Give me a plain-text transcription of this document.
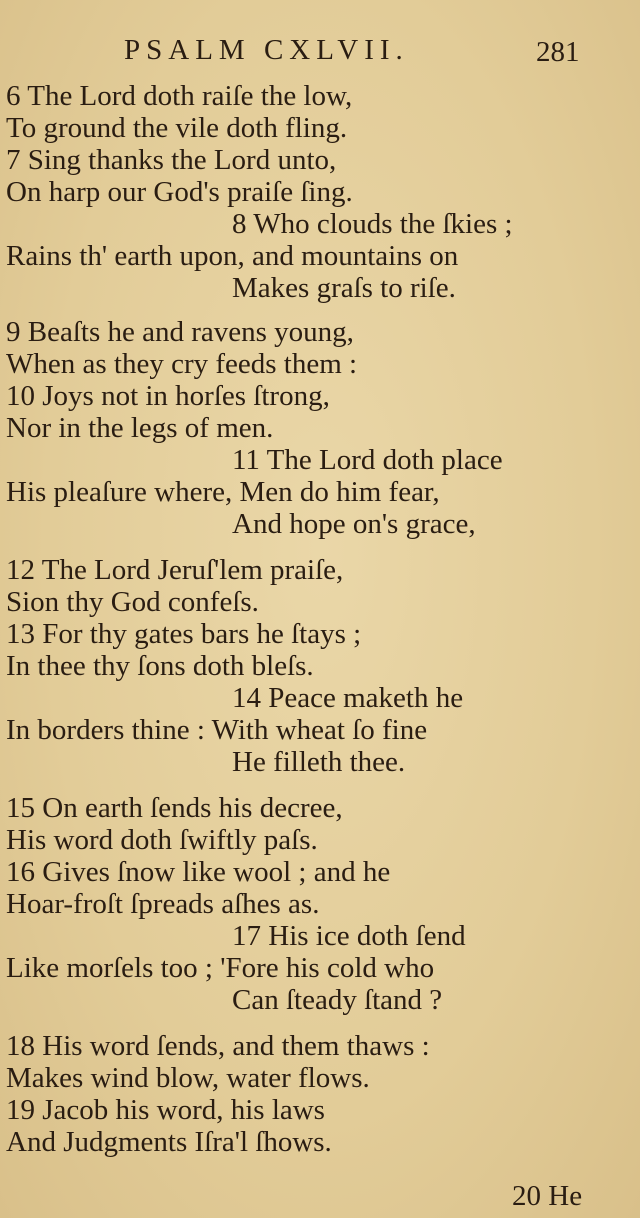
PSALM CXLVII.	281
6 The Lord doth raiſe the low,
To ground the vile doth fling.
7 Sing thanks the Lord unto,
On harp our God's praiſe ſing.
8 Who clouds the ſkies ;
Rains th' earth upon, and mountains on
Makes graſs to riſe.
9 Beaſts he and ravens young,
When as they cry feeds them :
10 Joys not in horſes ſtrong,
Nor in the legs of men.
11 The Lord doth place
His pleaſure where, Men do him fear,
And hope on's grace,
12 The Lord Jeruſ'lem praiſe,
Sion thy God confeſs.
13 For thy gates bars he ſtays ;
In thee thy ſons doth bleſs.
14 Peace maketh he
In borders thine : With wheat ſo fine
He filleth thee.
15 On earth ſends his decree,
His word doth ſwiftly paſs.
16 Gives ſnow like wool ; and he
Hoar-froſt ſpreads aſhes as.
17 His ice doth ſend
Like morſels too ; 'Fore his cold who
Can ſteady ſtand ?
18 His word ſends, and them thaws :
Makes wind blow, water flows.
19 Jacob his word, his laws
And Judgments Iſra'l ſhows.
20 He
